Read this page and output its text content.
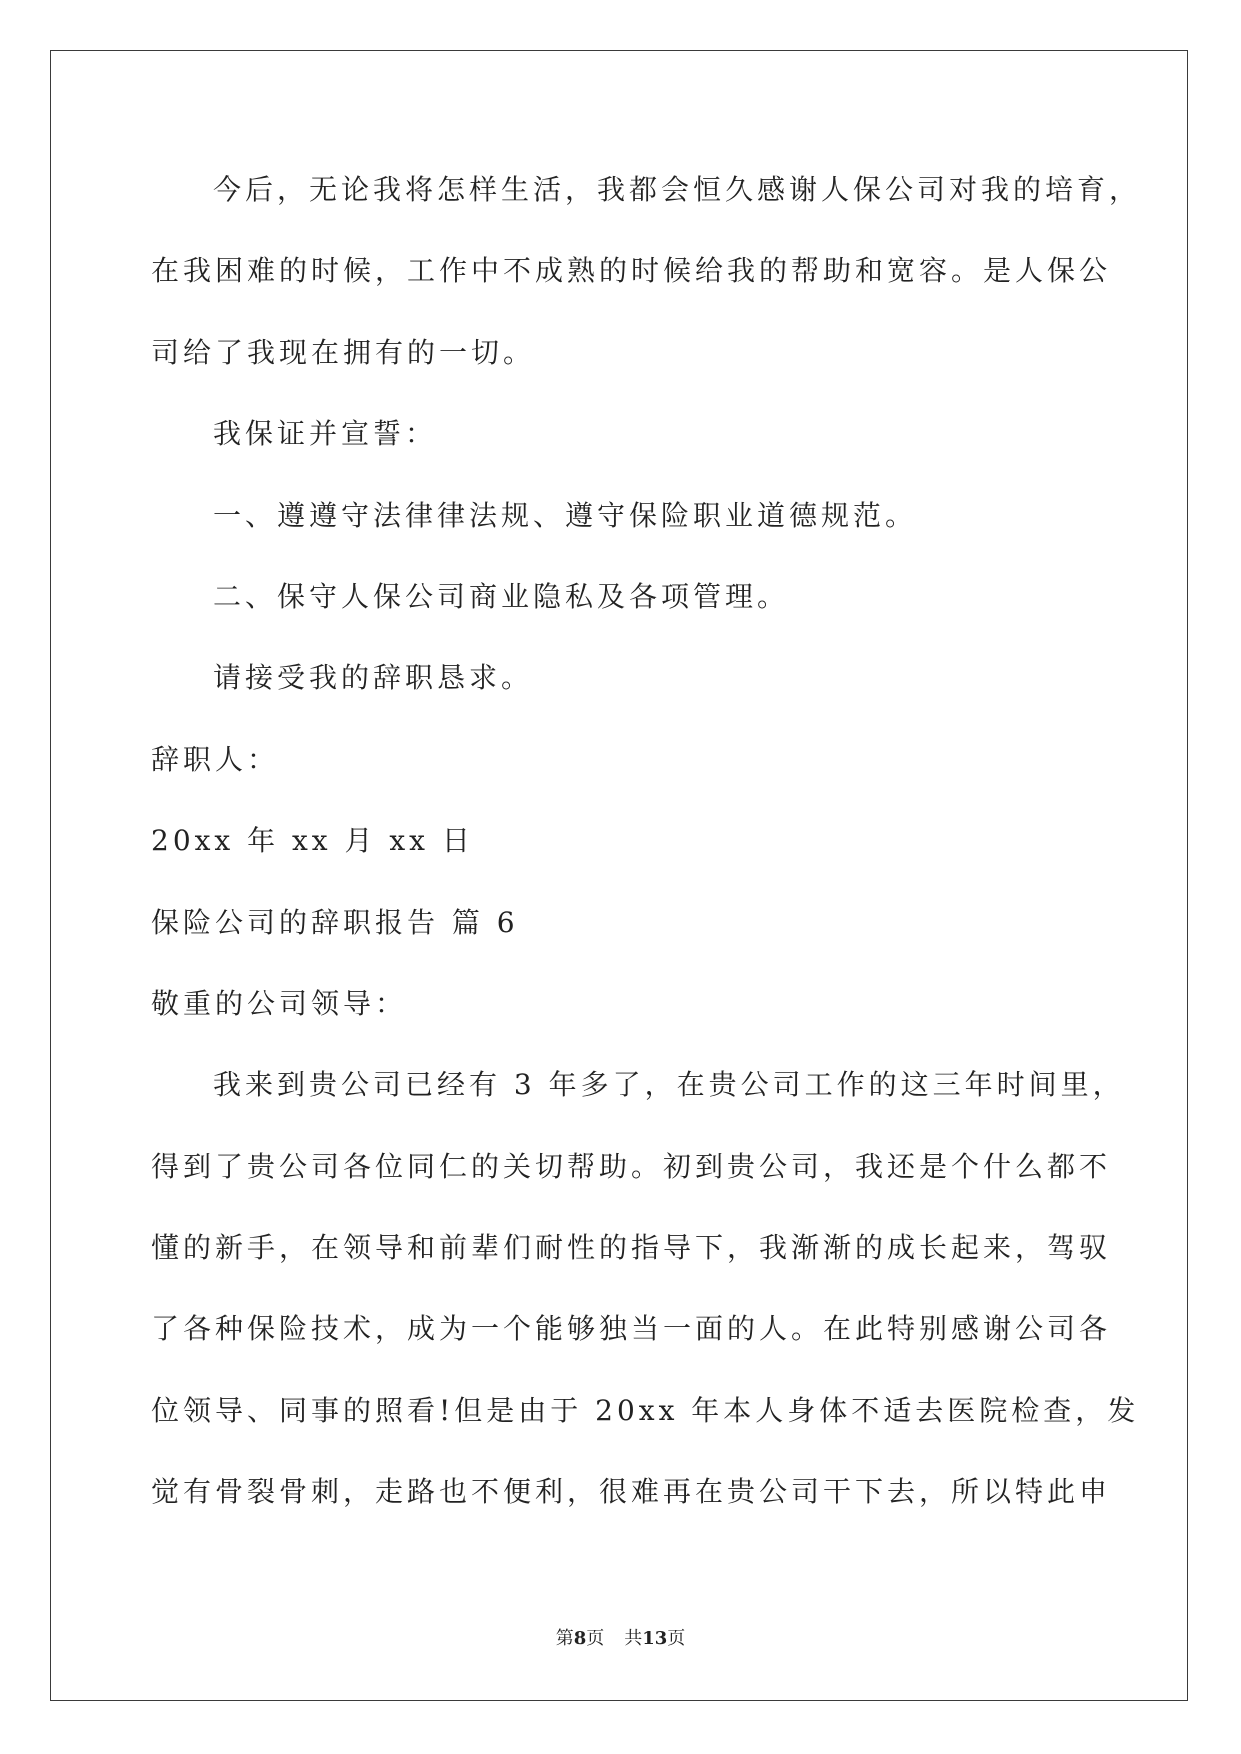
今后，无论我将怎样生活，我都会恒久感谢人保公司对我的培育，
在我困难的时候，工作中不成熟的时候给我的帮助和宽容。是人保公
司给了我现在拥有的一切。
我保证并宣誓：
一、遵遵守法律律法规、遵守保险职业道德规范。
二、保守人保公司商业隐私及各项管理。
请接受我的辞职恳求。
辞职人：
20xx 年 xx 月 xx 日
保险公司的辞职报告 篇 6
敬重的公司领导：
我来到贵公司已经有 3 年多了，在贵公司工作的这三年时间里，
得到了贵公司各位同仁的关切帮助。初到贵公司，我还是个什么都不
懂的新手，在领导和前辈们耐性的指导下，我渐渐的成长起来，驾驭
了各种保险技术，成为一个能够独当一面的人。在此特别感谢公司各
位领导、同事的照看!但是由于 20xx 年本人身体不适去医院检查，发
觉有骨裂骨刺，走路也不便利，很难再在贵公司干下去，所以特此申
第8页 共13页
